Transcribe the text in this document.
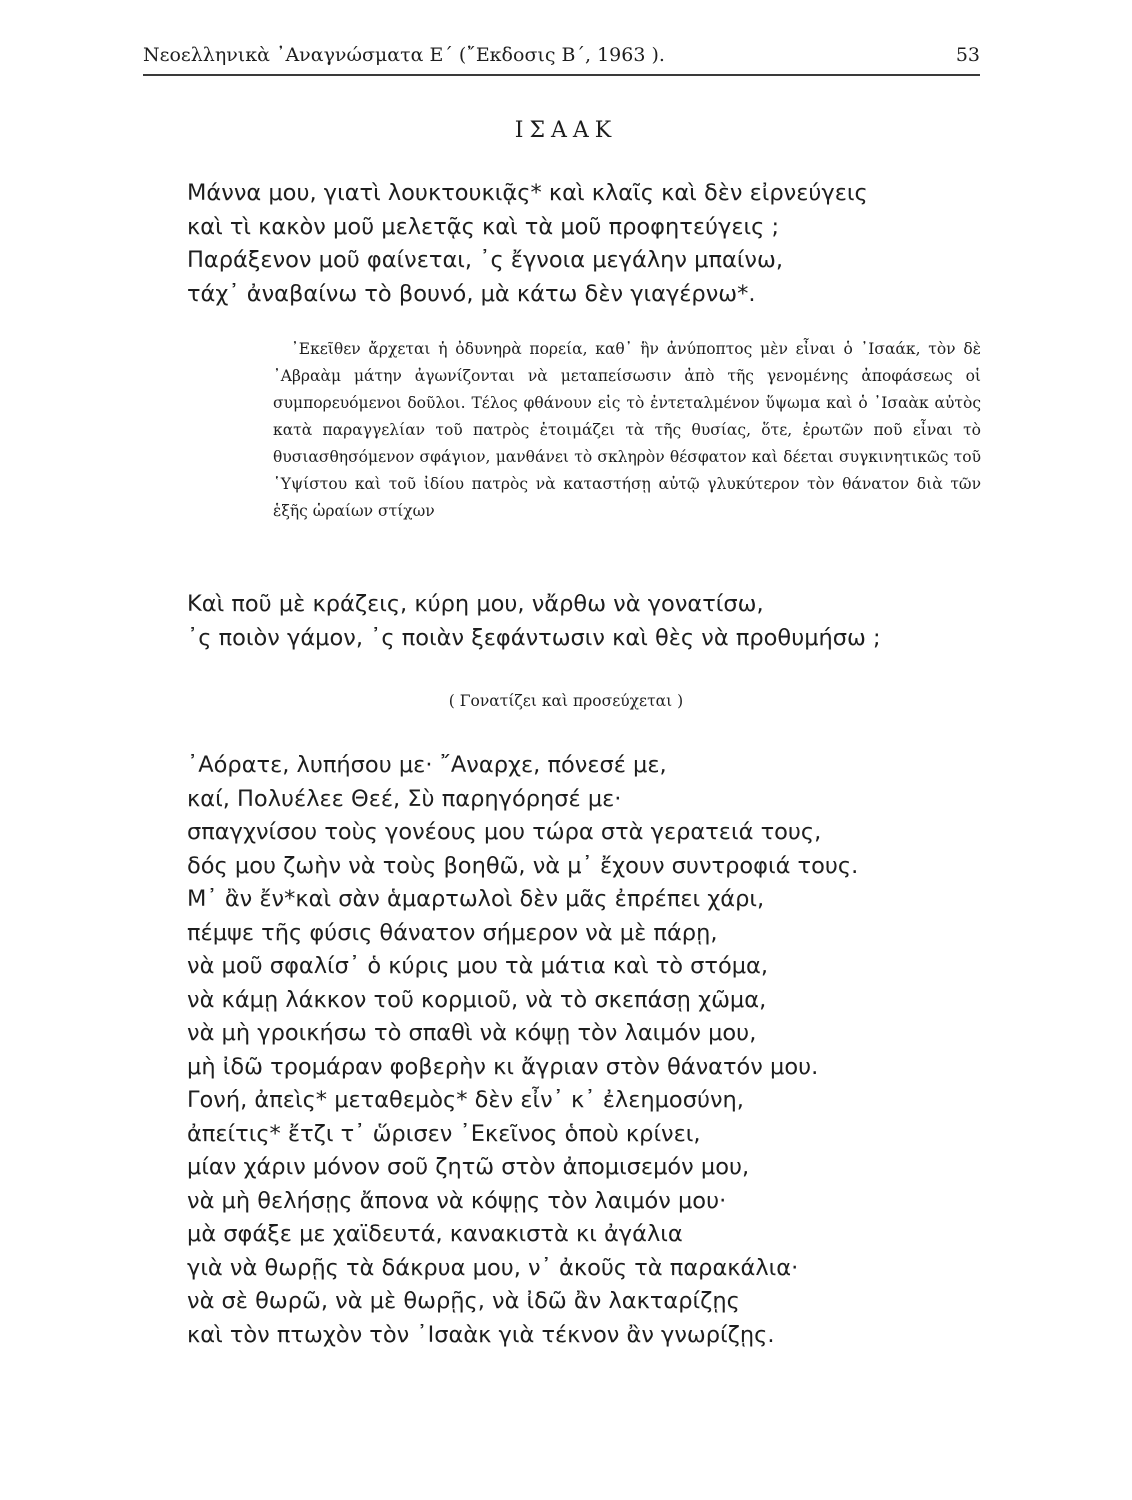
Νεοελληνικὰ ᾿Αναγνώσματα Ε΄ (῎Εκδοσις Β΄, 1963 ).	53
ΙΣΑΑΚ
Μάννα μου, γιατὶ λουκτουκιᾷς* καὶ κλαῖς καὶ δὲν εἰρνεύγεις
καὶ τὶ κακὸν μοῦ μελετᾷς καὶ τὰ μοῦ προφητεύγεις ;
Παράξενον μοῦ φαίνεται, ᾽ς ἔγνοια μεγάλην μπαίνω,
τάχ᾽ ἀναβαίνω τὸ βουνό, μὰ κάτω δὲν γιαγέρνω*.

᾿Εκεῖθεν ἄρχεται ἡ ὀδυνηρὰ πορεία, καθ᾽ ἣν ἀνύποπτος μὲν εἶναι ὁ ᾿Ισαάκ, τὸν δὲ ᾿Αβραὰμ μάτην ἀγωνίζονται νὰ μεταπείσωσιν ἀπὸ τῆς γενομένης ἀποφάσεως οἱ συμπορευόμενοι δοῦλοι. Τέλος φθάνουν εἰς τὸ ἐντεταλμένον ὕψωμα καὶ ὁ ᾿Ισαὰκ αὐτὸς κατὰ παραγγελίαν τοῦ πατρὸς ἑτοιμάζει τὰ τῆς θυσίας, ὅτε, ἐρωτῶν ποῦ εἶναι τὸ θυσιασθησόμενον σφάγιον, μανθάνει τὸ σκληρὸν θέσφατον καὶ δέεται συγκινητικῶς τοῦ ῾Υψίστου καὶ τοῦ ἰδίου πατρὸς νὰ καταστήσῃ αὐτῷ γλυκύτερον τὸν θάνατον διὰ τῶν ἑξῆς ὡραίων στίχων

Καὶ ποῦ μὲ κράζεις, κύρη μου, νἄρθω νὰ γονατίσω,
᾽ς ποιὸν γάμον, ᾽ς ποιὰν ξεφάντωσιν καὶ θὲς νὰ προθυμήσω ;
( Γονατίζει καὶ προσεύχεται )
᾿Αόρατε, λυπήσου με· ῎Αναρχε, πόνεσέ με,
καί, Πολυέλεε Θεέ, Σὺ παρηγόρησέ με·
σπαγχνίσου τοὺς γονέους μου τώρα στὰ γερατειά τους,
δός μου ζωὴν νὰ τοὺς βοηθῶ, νὰ μ᾽ ἔχουν συντροφιά τους.
Μ᾽ ἂν ἔν*καὶ σὰν ἁμαρτωλοὶ δὲν μᾶς ἐπρέπει χάρι,
πέμψε τῆς φύσις θάνατον σήμερον νὰ μὲ πάρῃ,
νὰ μοῦ σφαλίσ᾽ ὁ κύρις μου τὰ μάτια καὶ τὸ στόμα,
νὰ κάμῃ λάκκον τοῦ κορμιοῦ, νὰ τὸ σκεπάσῃ χῶμα,
νὰ μὴ γροικήσω τὸ σπαθὶ νὰ κόψῃ τὸν λαιμόν μου,
μὴ ἰδῶ τρομάραν φοβερὴν κι ἄγριαν στὸν θάνατόν μου.
Γονή, ἀπεὶς* μεταθεμὸς* δὲν εἶν᾽ κ᾽ ἐλεημοσύνη,
ἀπείτις* ἔτζι τ᾽ ὥρισεν ᾽Εκεῖνος ὁποὺ κρίνει,
μίαν χάριν μόνον σοῦ ζητῶ στὸν ἀπομισεμόν μου,
νὰ μὴ θελήσῃς ἄπονα νὰ κόψῃς τὸν λαιμόν μου·
μὰ σφάξε με χαϊδευτά, κανακιστὰ κι ἀγάλια
γιὰ νὰ θωρῇς τὰ δάκρυα μου, ν᾽ ἀκοῦς τὰ παρακάλια·
νὰ σὲ θωρῶ, νὰ μὲ θωρῇς, νὰ ἰδῶ ἂν λακταρίζῃς
καὶ τὸν πτωχὸν τὸν ᾿Ισαὰκ γιὰ τέκνον ἂν γνωρίζῃς.
